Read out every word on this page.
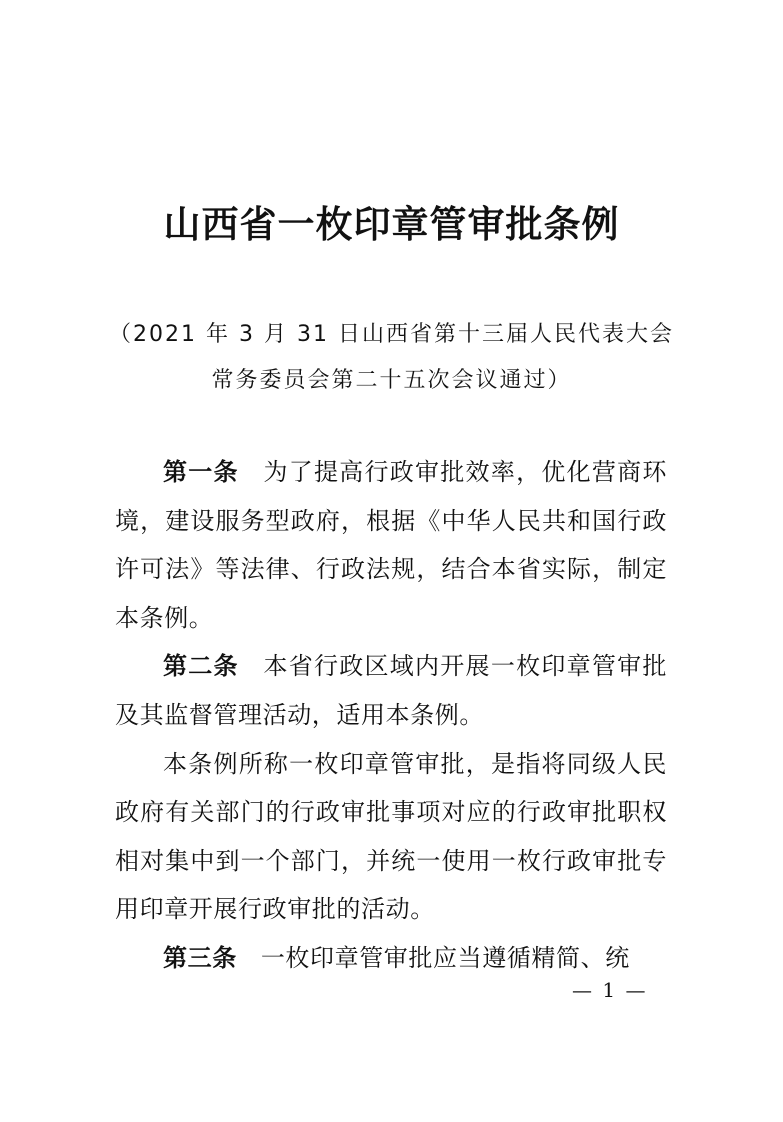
山西省一枚印章管审批条例
（2021 年 3 月 31 日山西省第十三届人民代表大会
常务委员会第二十五次会议通过）

第一条 为了提高行政审批效率，优化营商环境，建设服务型政府，根据《中华人民共和国行政许可法》等法律、行政法规，结合本省实际，制定本条例。

第二条 本省行政区域内开展一枚印章管审批及其监督管理活动，适用本条例。

本条例所称一枚印章管审批，是指将同级人民政府有关部门的行政审批事项对应的行政审批职权相对集中到一个部门，并统一使用一枚行政审批专用印章开展行政审批的活动。

第三条 一枚印章管审批应当遵循精简、统

— 1 —
